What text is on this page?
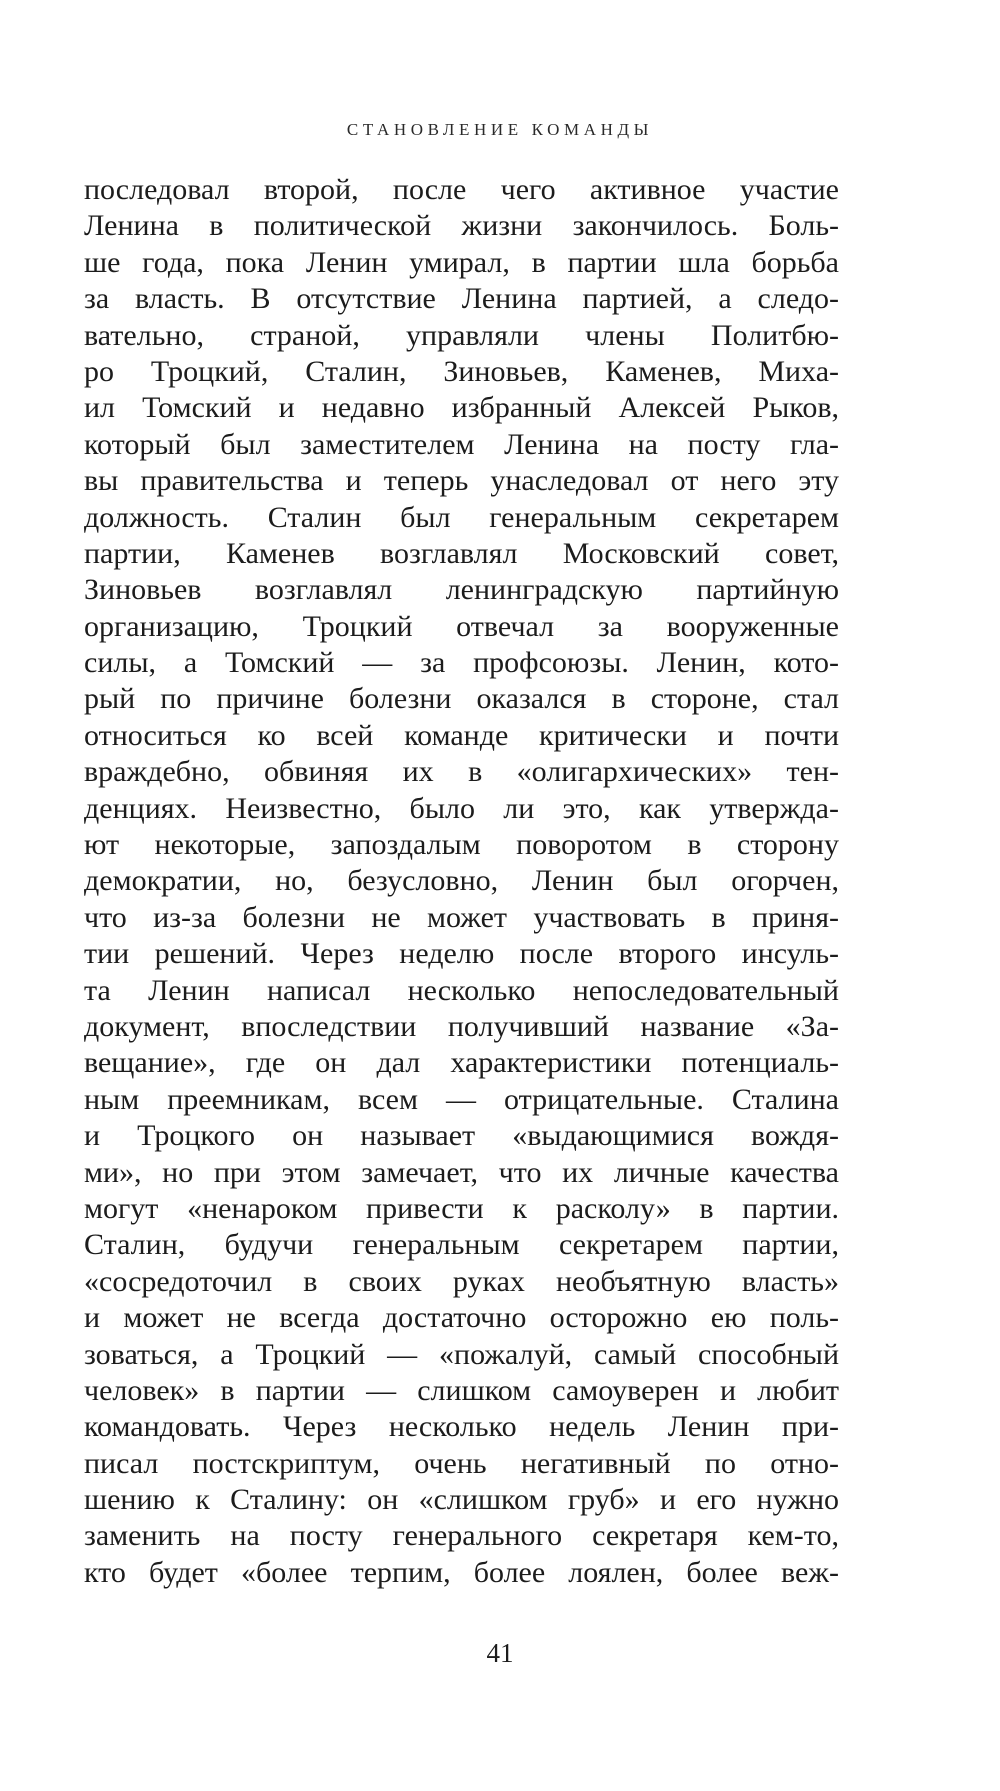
СТАНОВЛЕНИЕ КОМАНДЫ
последовал второй, после чего активное участие
Ленина в политической жизни закончилось. Боль-
ше года, пока Ленин умирал, в партии шла борьба
за власть. В отсутствие Ленина партией, а следо-
вательно, страной, управляли члены Политбю-
ро Троцкий, Сталин, Зиновьев, Каменев, Миха-
ил Томский и недавно избранный Алексей Рыков,
который был заместителем Ленина на посту гла-
вы правительства и теперь унаследовал от него эту
должность. Сталин был генеральным секретарем
партии, Каменев возглавлял Московский совет,
Зиновьев возглавлял ленинградскую партийную
организацию, Троцкий отвечал за вооруженные
силы, а Томский — за профсоюзы. Ленин, кото-
рый по причине болезни оказался в стороне, стал
относиться ко всей команде критически и почти
враждебно, обвиняя их в «олигархических» тен-
денциях. Неизвестно, было ли это, как утвержда-
ют некоторые, запоздалым поворотом в сторону
демократии, но, безусловно, Ленин был огорчен,
что из-за болезни не может участвовать в приня-
тии решений. Через неделю после второго инсуль-
та Ленин написал несколько непоследовательный
документ, впоследствии получивший название «За-
вещание», где он дал характеристики потенциаль-
ным преемникам, всем — отрицательные. Сталина
и Троцкого он называет «выдающимися вождя-
ми», но при этом замечает, что их личные качества
могут «ненароком привести к расколу» в партии.
Сталин, будучи генеральным секретарем партии,
«сосредоточил в своих руках необъятную власть»
и может не всегда достаточно осторожно ею поль-
зоваться, а Троцкий — «пожалуй, самый способный
человек» в партии — слишком самоуверен и любит
командовать. Через несколько недель Ленин при-
писал постскриптум, очень негативный по отно-
шению к Сталину: он «слишком груб» и его нужно
заменить на посту генерального секретаря кем-то,
кто будет «более терпим, более лоялен, более веж-
41
